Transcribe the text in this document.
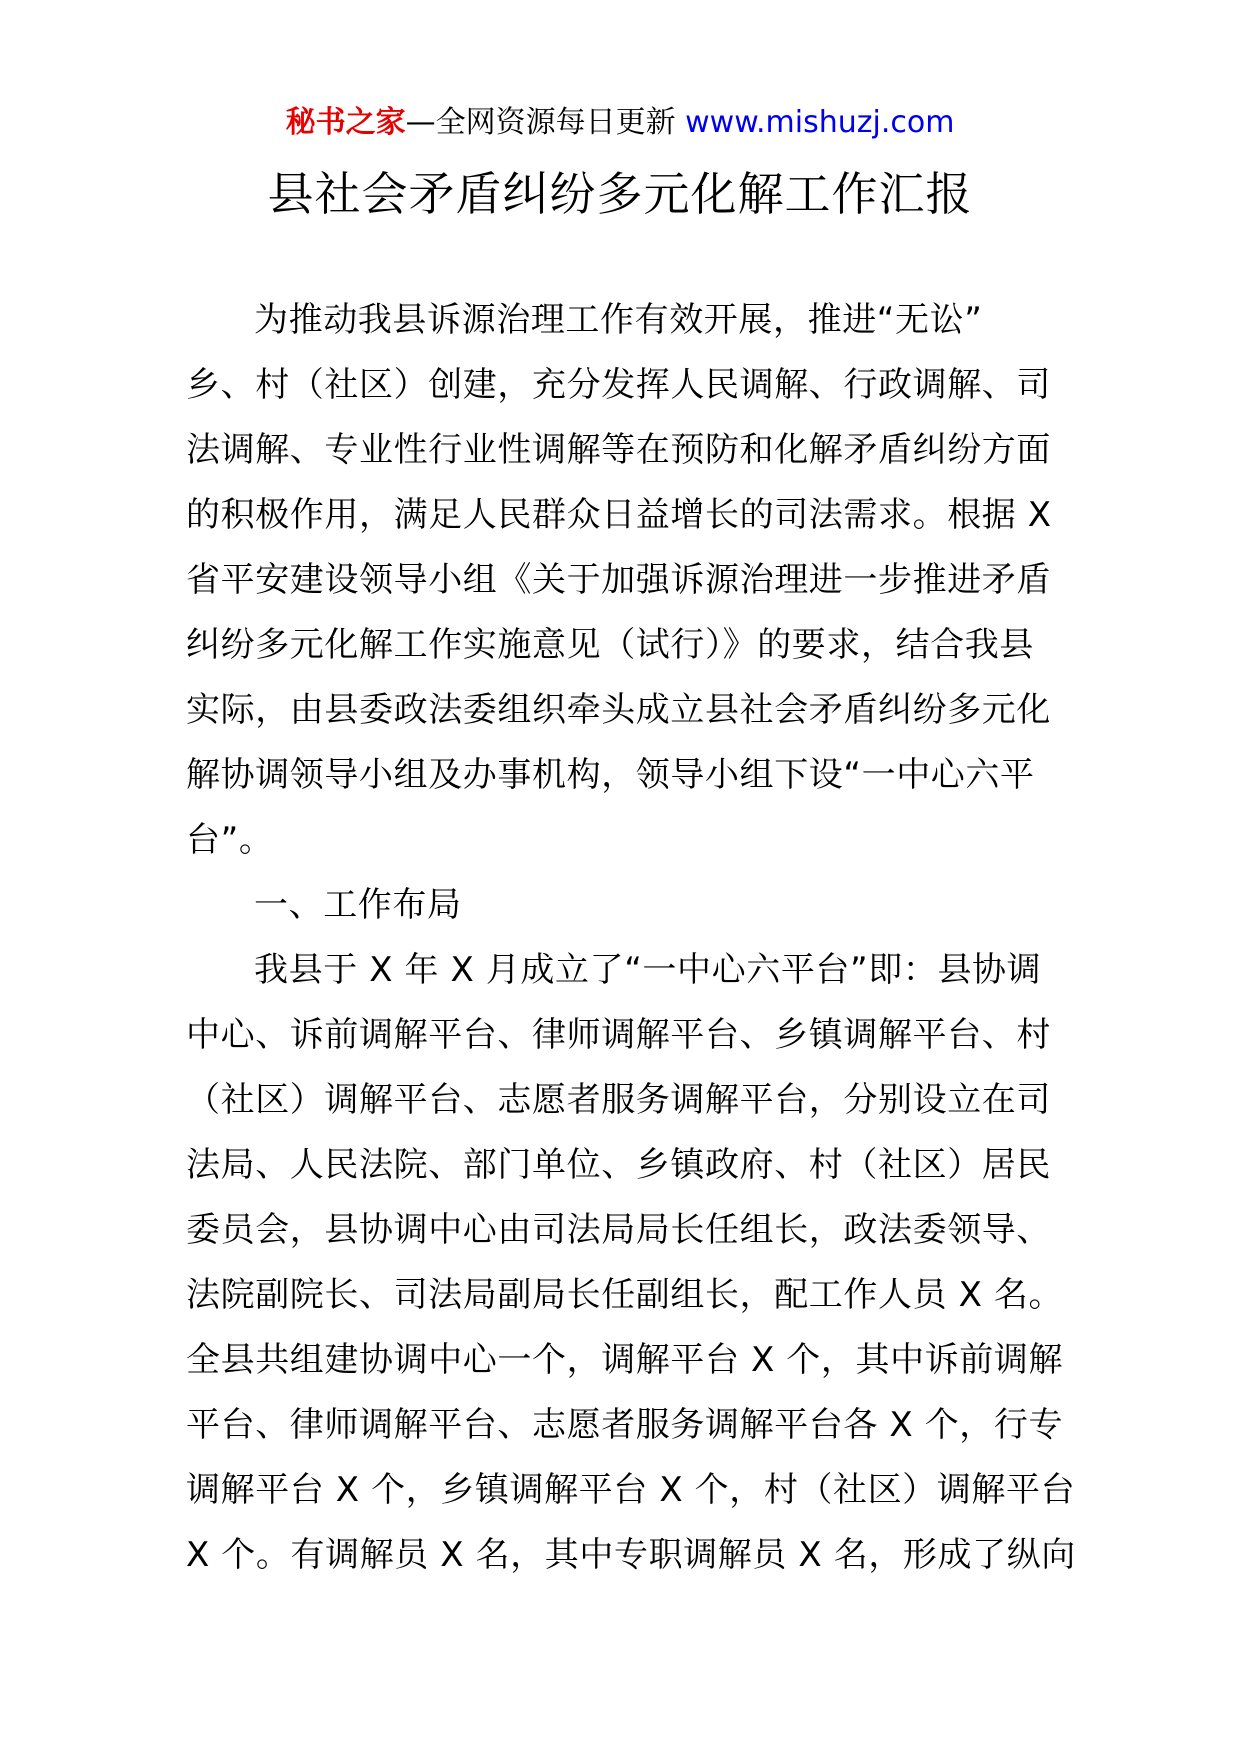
秘书之家—全网资源每日更新 www.mishuzj.com
县社会矛盾纠纷多元化解工作汇报

为推动我县诉源治理工作有效开展，推进“无讼”
乡、村（社区）创建，充分发挥人民调解、行政调解、司
法调解、专业性行业性调解等在预防和化解矛盾纠纷方面
的积极作用，满足人民群众日益增长的司法需求。根据 X
省平安建设领导小组《关于加强诉源治理进一步推进矛盾
纠纷多元化解工作实施意见（试行）》的要求，结合我县
实际，由县委政法委组织牵头成立县社会矛盾纠纷多元化
解协调领导小组及办事机构，领导小组下设“一中心六平
台”。

一、工作布局

我县于 X 年 X 月成立了“一中心六平台”即：县协调
中心、诉前调解平台、律师调解平台、乡镇调解平台、村
（社区）调解平台、志愿者服务调解平台，分别设立在司
法局、人民法院、部门单位、乡镇政府、村（社区）居民
委员会，县协调中心由司法局局长任组长，政法委领导、
法院副院长、司法局副局长任副组长，配工作人员 X 名。
全县共组建协调中心一个，调解平台 X 个，其中诉前调解
平台、律师调解平台、志愿者服务调解平台各 X 个，行专
调解平台 X 个，乡镇调解平台 X 个，村（社区）调解平台
X 个。有调解员 X 名，其中专职调解员 X 名，形成了纵向
